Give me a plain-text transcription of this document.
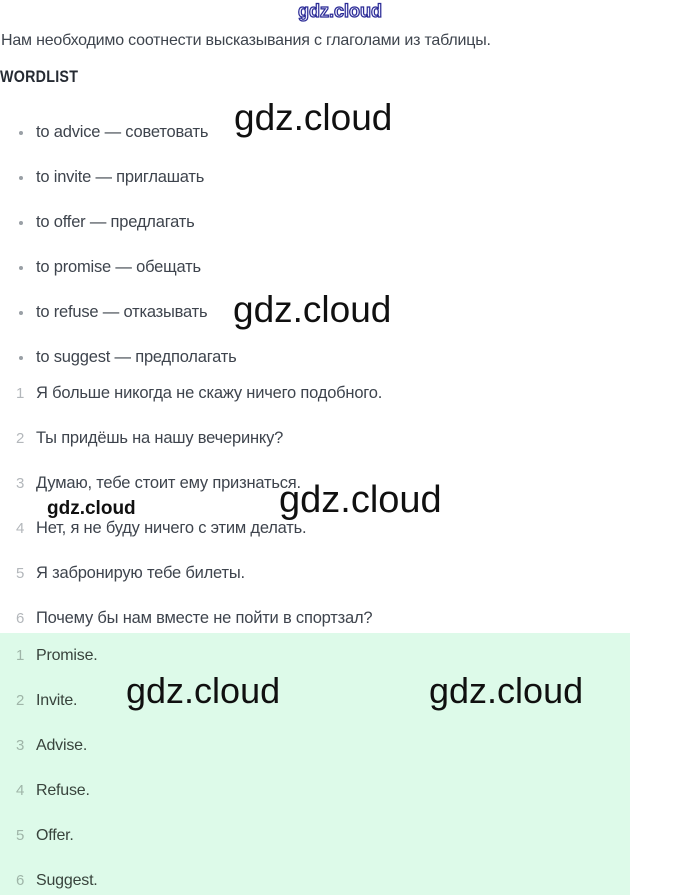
gdz.cloud

Нам необходимо соотнести высказывания с глаголами из таблицы.

WORDLIST
to advice — советовать
to invite — приглашать
to offer — предлагать
to promise — обещать
to refuse — отказывать
to suggest — предполагать
1 Я больше никогда не скажу ничего подобного.
2 Ты придёшь на нашу вечеринку?
3 Думаю, тебе стоит ему признаться.
4 Нет, я не буду ничего с этим делать.
5 Я забронирую тебе билеты.
6 Почему бы нам вместе не пойти в спортзал?
1 Promise.
2 Invite.
3 Advise.
4 Refuse.
5 Offer.
6 Suggest.
gdz.cloud
gdz.cloud
gdz.cloud
gdz.cloud
gdz.cloud	gdz.cloud
